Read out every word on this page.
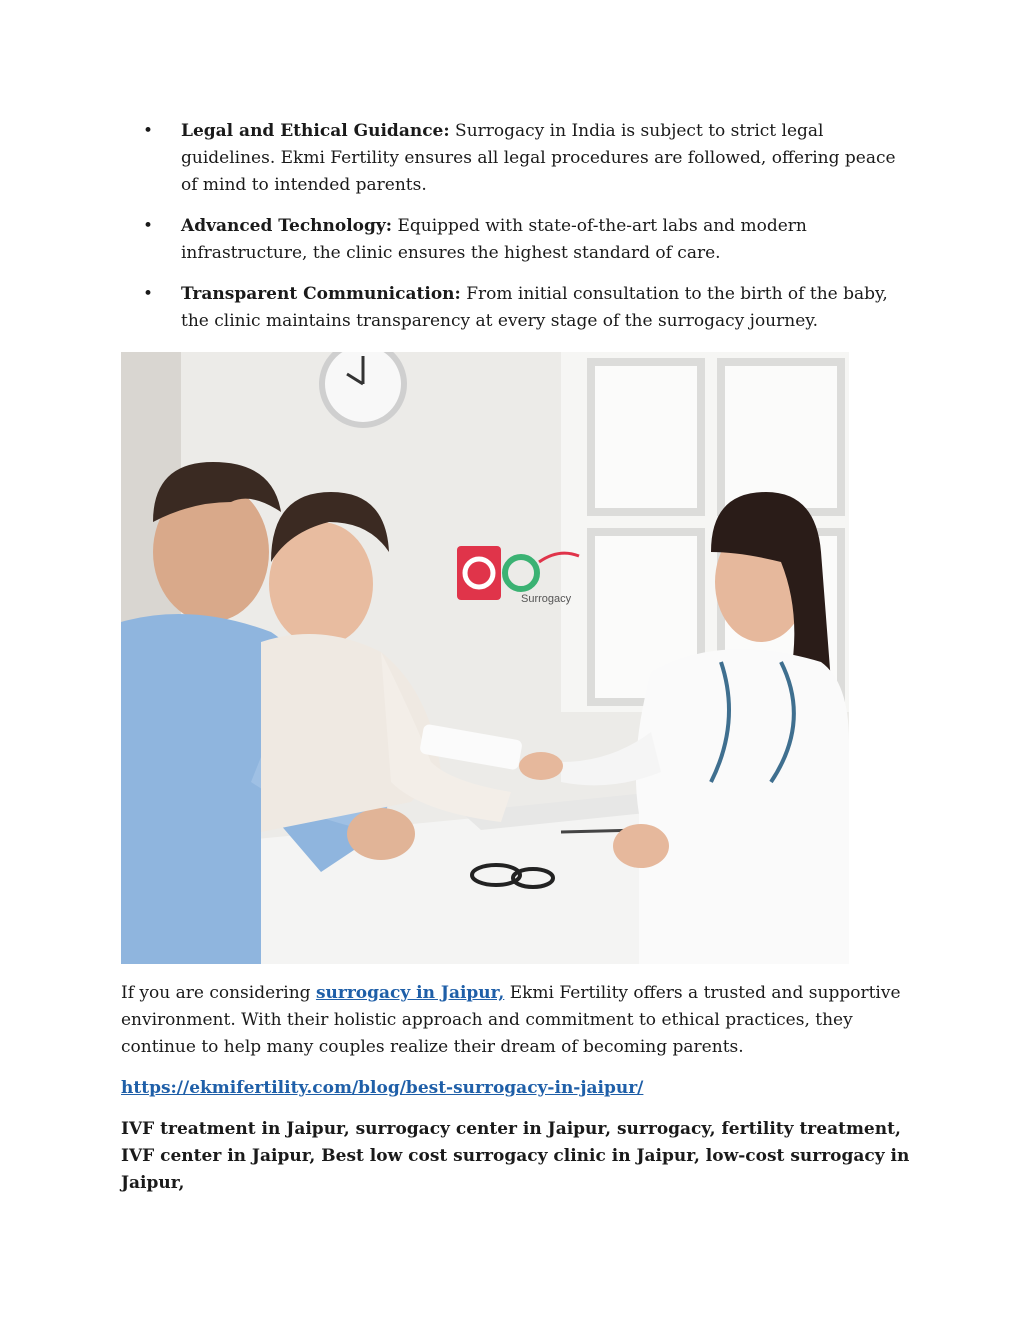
• Legal and Ethical Guidance: Surrogacy in India is subject to strict legal guidelines. Ekmi Fertility ensures all legal procedures are followed, offering peace of mind to intended parents.
• Advanced Technology: Equipped with state-of-the-art labs and modern infrastructure, the clinic ensures the highest standard of care.
• Transparent Communication: From initial consultation to the birth of the baby, the clinic maintains transparency at every stage of the surrogacy journey.
Surrogacy

If you are considering surrogacy in Jaipur, Ekmi Fertility offers a trusted and supportive environment. With their holistic approach and commitment to ethical practices, they continue to help many couples realize their dream of becoming parents.

https://ekmifertility.com/blog/best-surrogacy-in-jaipur/

IVF treatment in Jaipur, surrogacy center in Jaipur, surrogacy, fertility treatment, IVF center in Jaipur, Best low cost surrogacy clinic in Jaipur, low-cost surrogacy in Jaipur,
